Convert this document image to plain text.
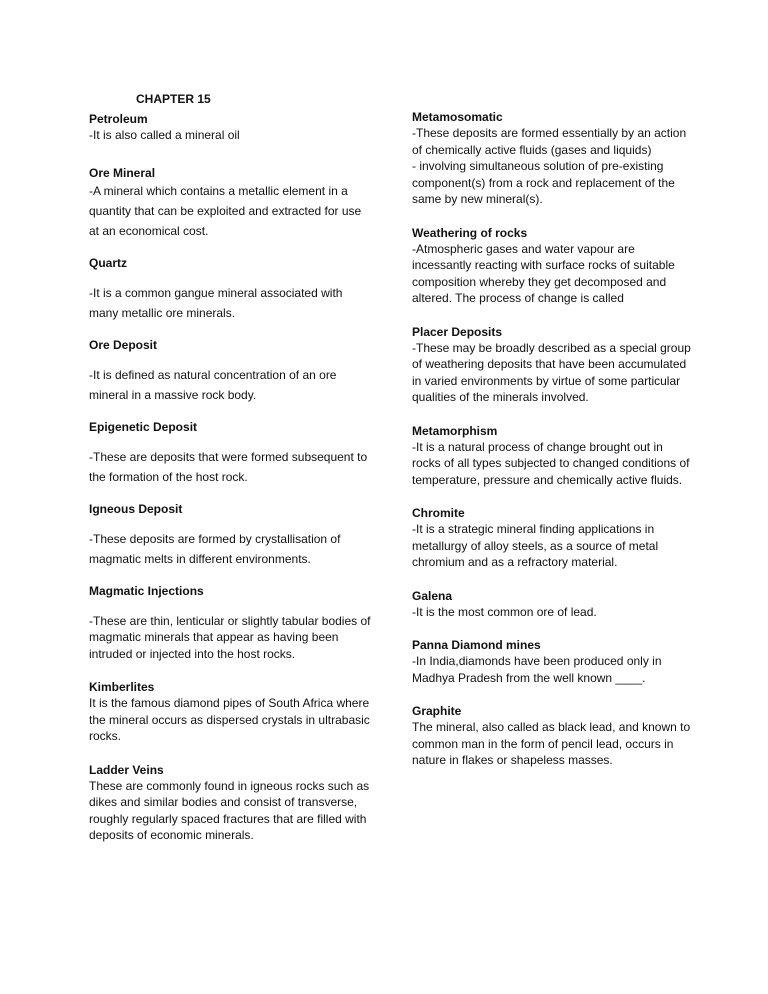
CHAPTER 15
Petroleum
-It is also called a mineral oil
Ore Mineral
-A mineral which contains a metallic element in a quantity that can be exploited and extracted for use at an economical cost.
Quartz
-It is a common gangue mineral associated with many metallic ore minerals.
Ore Deposit
-It is defined as natural concentration of an ore mineral in a massive rock body.
Epigenetic Deposit
-These are deposits that were formed subsequent to the formation of the host rock.
Igneous Deposit
-These deposits are formed by crystallisation of magmatic melts in different environments.
Magmatic Injections
-These are thin, lenticular or slightly tabular bodies of magmatic minerals that appear as having been intruded or injected into the host rocks.
Kimberlites
It is the famous diamond pipes of South Africa where the mineral occurs as dispersed crystals in ultrabasic rocks.
Ladder Veins
These are commonly found in igneous rocks such as dikes and similar bodies and consist of transverse, roughly regularly spaced fractures that are filled with deposits of economic minerals.
Metamosomatic
-These deposits are formed essentially by an action of chemically active fluids (gases and liquids)
- involving simultaneous solution of pre-existing component(s) from a rock and replacement of the same by new mineral(s).
Weathering of rocks
-Atmospheric gases and water vapour are incessantly reacting with surface rocks of suitable composition whereby they get decomposed and altered. The process of change is called
Placer Deposits
-These may be broadly described as a special group of weathering deposits that have been accumulated in varied environments by virtue of some particular qualities of the minerals involved.
Metamorphism
-It is a natural process of change brought out in rocks of all types subjected to changed conditions of temperature, pressure and chemically active fluids.
Chromite
-It is a strategic mineral finding applications in metallurgy of alloy steels, as a source of metal chromium and as a refractory material.
Galena
-It is the most common ore of lead.
Panna Diamond mines
-In India,diamonds have been produced only in Madhya Pradesh from the well known ____.
Graphite
The mineral, also called as black lead, and known to common man in the form of pencil lead, occurs in nature in flakes or shapeless masses.
